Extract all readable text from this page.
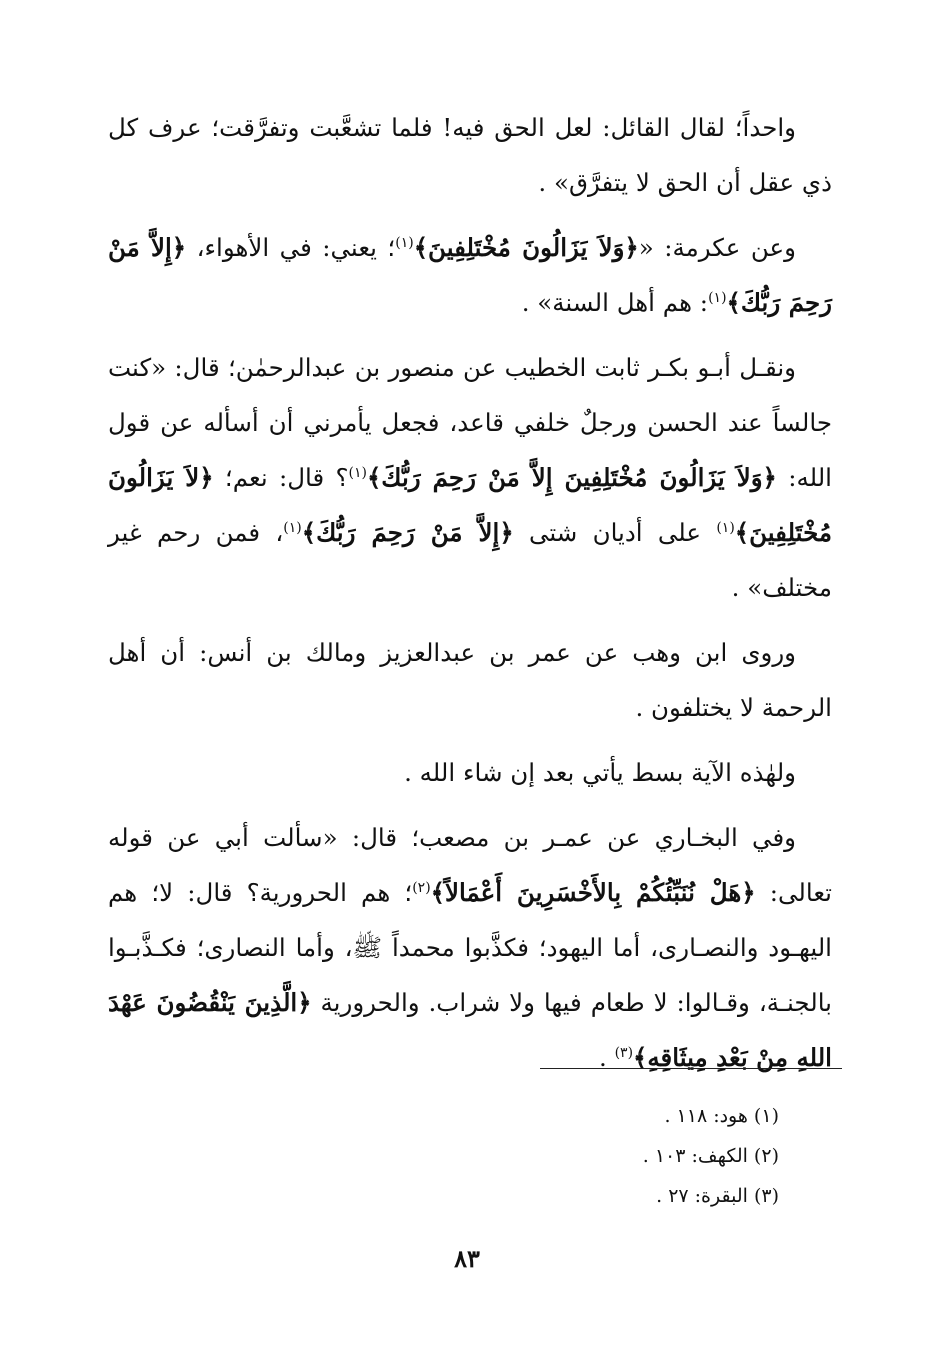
واحداً؛ لقال القائل: لعل الحق فيه! فلما تشعَّبت وتفرَّقت؛ عرف كل ذي عقل أن الحق لا يتفرَّق» .

وعن عكرمة: «﴿وَلاَ يَزَالُونَ مُخْتَلِفِينَ﴾$^{(١)}$؛ يعني: في الأهواء، ﴿إِلاَّ مَنْ رَحِمَ رَبُّكَ﴾$^{(١)}$: هم أهل السنة» .

ونقـل أبـو بكـر ثابت الخطيب عن منصور بن عبدالرحمٰن؛ قال: «كنت جالساً عند الحسن ورجلٌ خلفي قاعد، فجعل يأمرني أن أسأله عن قول الله: ﴿وَلاَ يَزَالُونَ مُخْتَلِفِينَ إِلاَّ مَنْ رَحِمَ رَبُّكَ﴾$^{(١)}$؟ قال: نعم؛ ﴿لاَ يَزَالُونَ مُخْتَلِفِينَ﴾$^{(١)}$ على أديان شتى ﴿إِلاَّ مَنْ رَحِمَ رَبُّكَ﴾$^{(١)}$، فمن رحم غير مختلف» .

وروى ابن وهب عن عمر بن عبدالعزيز ومالك بن أنس: أن أهل الرحمة لا يختلفون .

ولهٰذه الآية بسط يأتي بعد إن شاء الله .

وفي البخـاري عن عمـر بن مصعب؛ قال: «سألت أبي عن قوله تعالى: ﴿هَلْ نُنَبِّئُكُمْ بِالأَخْسَرِينَ أَعْمَالاً﴾$^{(٢)}$؛ هم الحرورية؟ قال: لا؛ هم اليهـود والنصـارى، أما اليهود؛ فكذَّبوا محمداً ﷺ، وأما النصارى؛ فكـذَّبـوا بالجنـة، وقـالوا: لا طعام فيها ولا شراب. والحرورية ﴿الَّذِينَ يَنْقُضُونَ عَهْدَ اللهِ مِنْ بَعْدِ مِيثَاقِهِ﴾$^{(٣)}$ .

(١) هود: ١١٨ .

(٢) الكهف: ١٠٣ .

(٣) البقرة: ٢٧ .

٨٣
